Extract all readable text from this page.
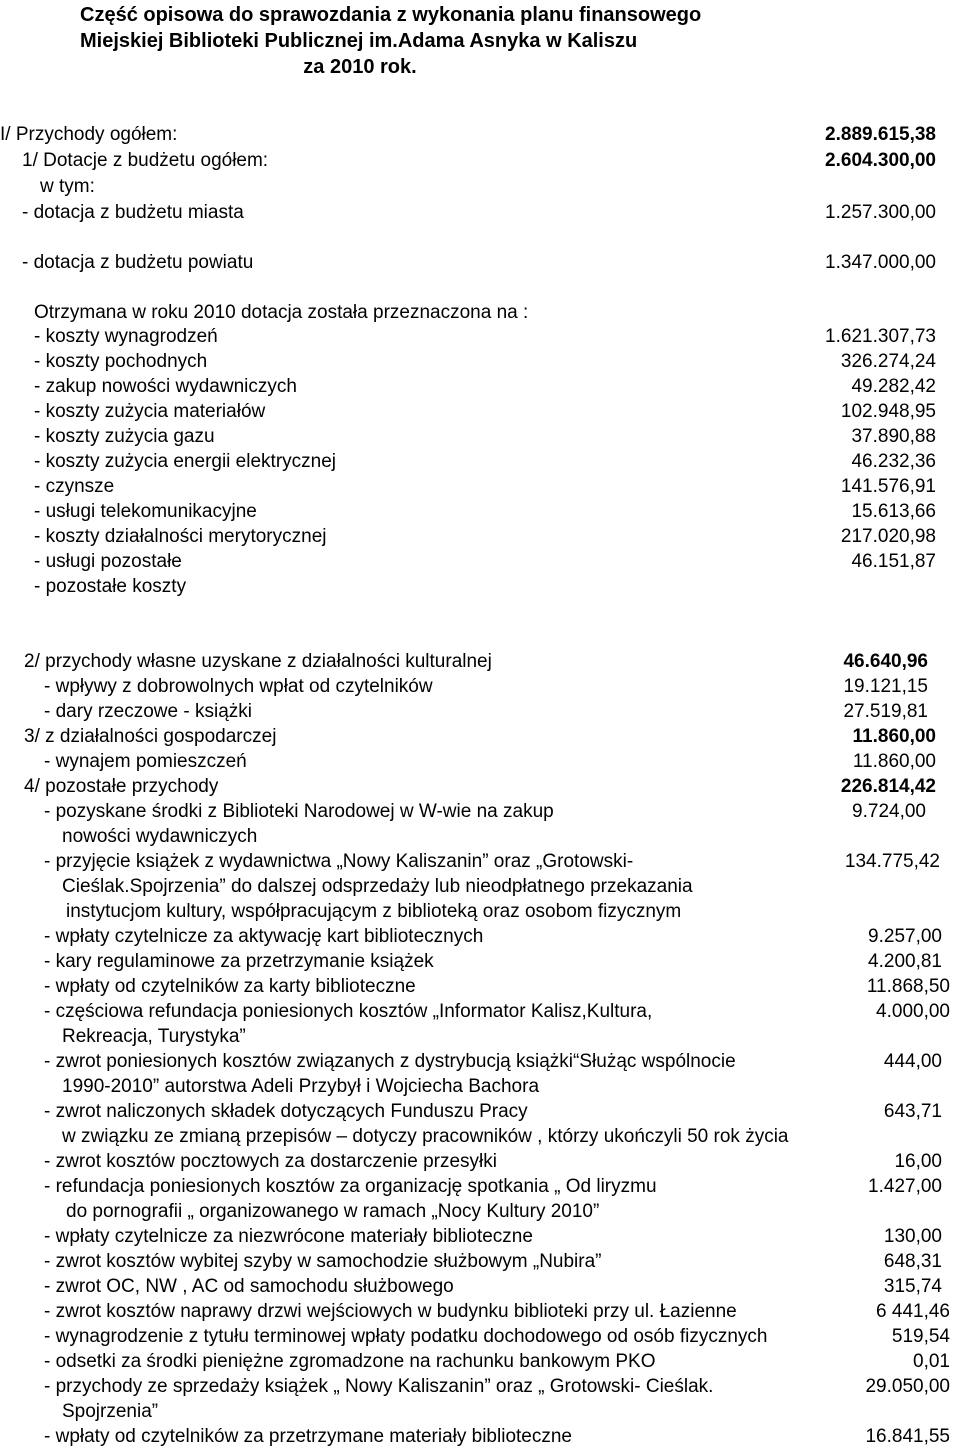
Część opisowa do sprawozdania z wykonania planu finansowego
Miejskiej Biblioteki Publicznej im.Adama Asnyka w Kaliszu
za 2010 rok.
I/ Przychody ogółem:	2.889.615,38
1/ Dotacje z budżetu ogółem:	2.604.300,00
w tym:
- dotacja z budżetu miasta	1.257.300,00
- dotacja z budżetu powiatu	1.347.000,00
Otrzymana w roku 2010 dotacja została przeznaczona na :
- koszty wynagrodzeń	1.621.307,73
- koszty pochodnych	326.274,24
- zakup nowości wydawniczych	49.282,42
- koszty zużycia materiałów	102.948,95
- koszty zużycia gazu	37.890,88
- koszty zużycia energii elektrycznej	46.232,36
- czynsze	141.576,91
- usługi telekomunikacyjne	15.613,66
- koszty działalności merytorycznej	217.020,98
- usługi pozostałe	46.151,87
- pozostałe koszty
2/ przychody własne uzyskane z działalności kulturalnej	46.640,96
- wpływy z dobrowolnych wpłat od czytelników	19.121,15
- dary rzeczowe - książki	27.519,81
3/ z działalności gospodarczej	11.860,00
- wynajem pomieszczeń	11.860,00
4/ pozostałe przychody	226.814,42
- pozyskane środki z Biblioteki Narodowej w W-wie na zakup	9.724,00
nowości wydawniczych
- przyjęcie książek z wydawnictwa „Nowy Kaliszanin” oraz „Grotowski-	134.775,42
Cieślak.Spojrzenia” do dalszej odsprzedaży lub nieodpłatnego przekazania
instytucjom kultury, współpracującym z biblioteką oraz osobom fizycznym
- wpłaty czytelnicze za aktywację kart bibliotecznych	9.257,00
- kary regulaminowe za przetrzymanie książek	4.200,81
- wpłaty od czytelników za karty biblioteczne	11.868,50
- częściowa refundacja poniesionych kosztów „Informator Kalisz,Kultura,	4.000,00
Rekreacja, Turystyka”
- zwrot poniesionych kosztów związanych z dystrybucją książki“Służąc wspólnocie	444,00
1990-2010” autorstwa Adeli Przybył i Wojciecha Bachora
- zwrot naliczonych składek dotyczących Funduszu Pracy	643,71
w związku ze zmianą przepisów – dotyczy pracowników , którzy ukończyli 50 rok życia
- zwrot kosztów pocztowych za dostarczenie przesyłki	16,00
- refundacja poniesionych kosztów za organizację spotkania „ Od liryzmu	1.427,00
do pornografii „ organizowanego w ramach „Nocy Kultury 2010”
- wpłaty czytelnicze za niezwrócone materiały biblioteczne	130,00
- zwrot kosztów wybitej szyby w samochodzie służbowym „Nubira”	648,31
- zwrot OC, NW , AC od samochodu służbowego	315,74
- zwrot kosztów naprawy drzwi wejściowych w budynku biblioteki przy ul. Łazienne	6 441,46
- wynagrodzenie z tytułu terminowej wpłaty podatku dochodowego od osób fizycznych	519,54
- odsetki za środki pieniężne zgromadzone na rachunku bankowym PKO	0,01
- przychody ze sprzedaży książek „ Nowy Kaliszanin” oraz „ Grotowski- Cieślak.	29.050,00
Spojrzenia”
- wpłaty od czytelników za przetrzymane materiały biblioteczne	16.841,55
